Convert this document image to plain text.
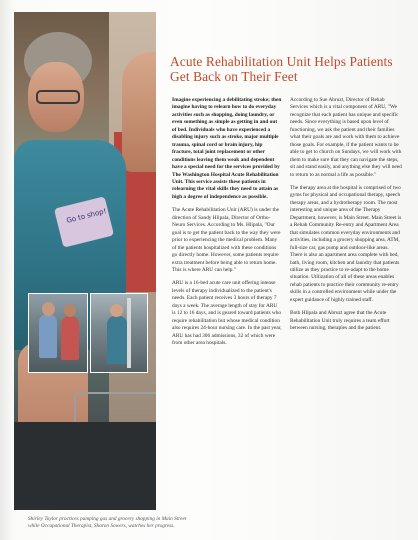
Go to shop!
Shirley Taylor practices pumping gas and grocery shopping in Main Street while Occupational Therapist, Sharon Sowers, watches her progress.
Acute Rehabilitation Unit Helps Patients Get Back on Their Feet

Imagine experiencing a debilitating stroke; then imagine having to relearn how to do everyday activities such as shopping, doing laundry, or even something as simple as getting in and out of bed. Individuals who have experienced a disabling injury such as stroke, major multiple trauma, spinal cord or brain injury, hip fracture, total joint replacement or other conditions leaving them weak and dependent have a special need for the services provided by The Washington Hospital Acute Rehabilitation Unit. This service assists these patients in relearning the vital skills they need to attain as high a degree of independence as possible.

The Acute Rehabilitation Unit (ARU) is under the direction of Sandy Hlipala, Director of Ortho-Neuro Services. According to Ms. Hlipala, "Our goal is to get the patient back to the way they were prior to experiencing the medical problem. Many of the patients hospitalized with these conditions go directly home. However, some patients require extra treatment before being able to return home. This is where ARU can help."

ARU is a 16-bed acute care unit offering intense levels of therapy individualized to the patient's needs. Each patient receives 3 hours of therapy 7 days a week. The average length of stay for ARU is 12 to 16 days, and is geared toward patients who require rehabilitation but whose medical condition also requires 24-hour nursing care. In the past year, ARU has had 306 admissions, 32 of which were from other area hospitals.

According to Sue Abruzt, Director of Rehab Services which is a vital component of ARU, "We recognize that each patient has unique and specific needs. Since everything is based upon level of functioning, we ask the patient and their families what their goals are and work with them to achieve those goals. For example, if the patient wants to be able to get to church on Sundays, we will work with them to make sure that they can navigate the steps, sit and stand easily, and anything else they will need to return to as normal a life as possible."

The therapy area at the hospital is comprised of two gyms for physical and occupational therapy, speech therapy areas, and a hydrotherapy room. The most interesting and unique area of the Therapy Department, however, is Main Street. Main Street is a Rehab Community Re-entry and Apartment Area that simulates common everyday environments and activities, including a grocery shopping area, ATM, full-size car, gas pump and outdoor-like areas. There is also an apartment area complete with bed, bath, living room, kitchen and laundry that patients utilize as they practice to re-adapt to the home situation. Utilization of all of these areas enables rehab patients to practice their community re-entry skills in a controlled environment while under the expert guidance of highly trained staff.

Both Hlipala and Abruzt agree that the Acute Rehabilitation Unit truly requires a team effort between nursing, therapies and the patient.
